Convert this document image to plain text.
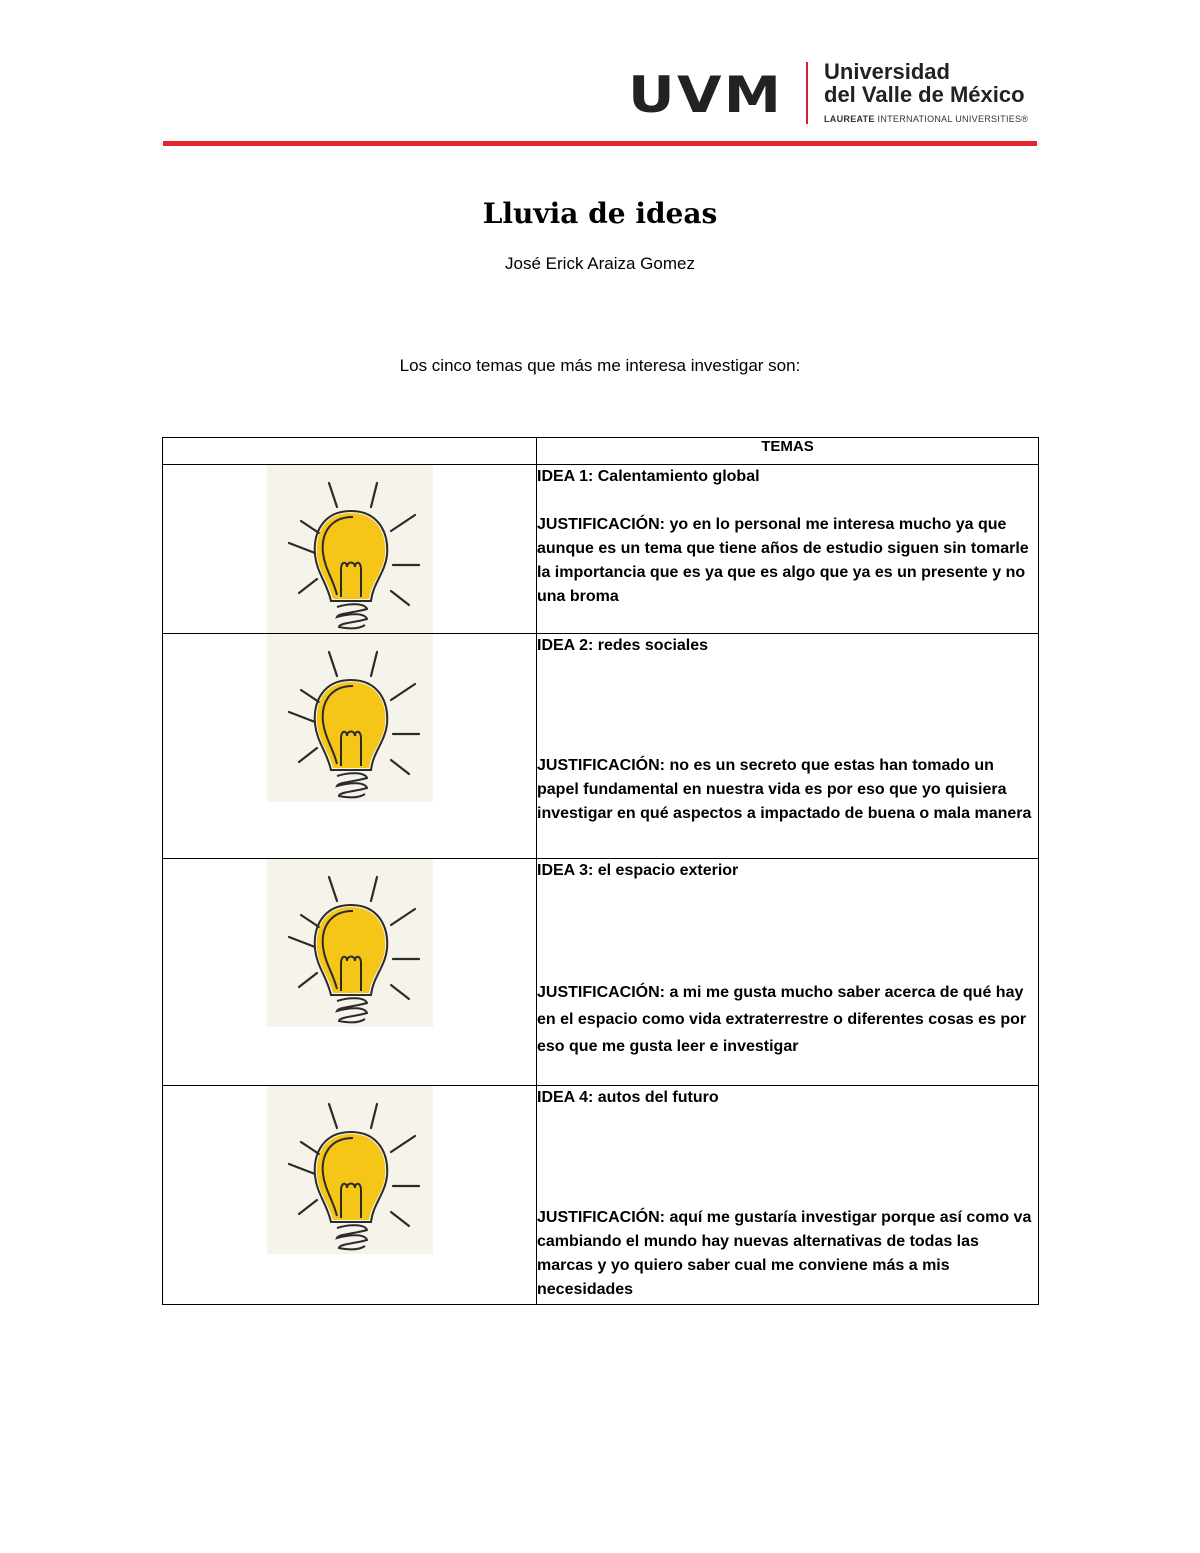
UVM Universidad
del Valle de México
LAUREATE INTERNATIONAL UNIVERSITIES®
Lluvia de ideas
José Erick Araiza Gomez
Los cinco temas que más me interesa investigar son:
	TEMAS

IDEA 1: Calentamiento global
JUSTIFICACIÓN: yo en lo personal me interesa mucho ya que aunque es un tema que tiene años de estudio siguen sin tomarle la importancia que es ya que es algo que ya es un presente y no una broma

IDEA 2: redes sociales
JUSTIFICACIÓN: no es un secreto que estas han tomado un papel fundamental en nuestra vida es por eso que yo quisiera investigar en qué aspectos a impactado de buena o mala manera

IDEA 3: el espacio exterior
JUSTIFICACIÓN: a mi me gusta mucho saber acerca de qué hay en el espacio como vida extraterrestre o diferentes cosas es por eso que me gusta leer e investigar

IDEA 4: autos del futuro
JUSTIFICACIÓN: aquí me gustaría investigar porque así como va cambiando el mundo hay nuevas alternativas de todas las marcas y yo quiero saber cual me conviene más a mis necesidades
